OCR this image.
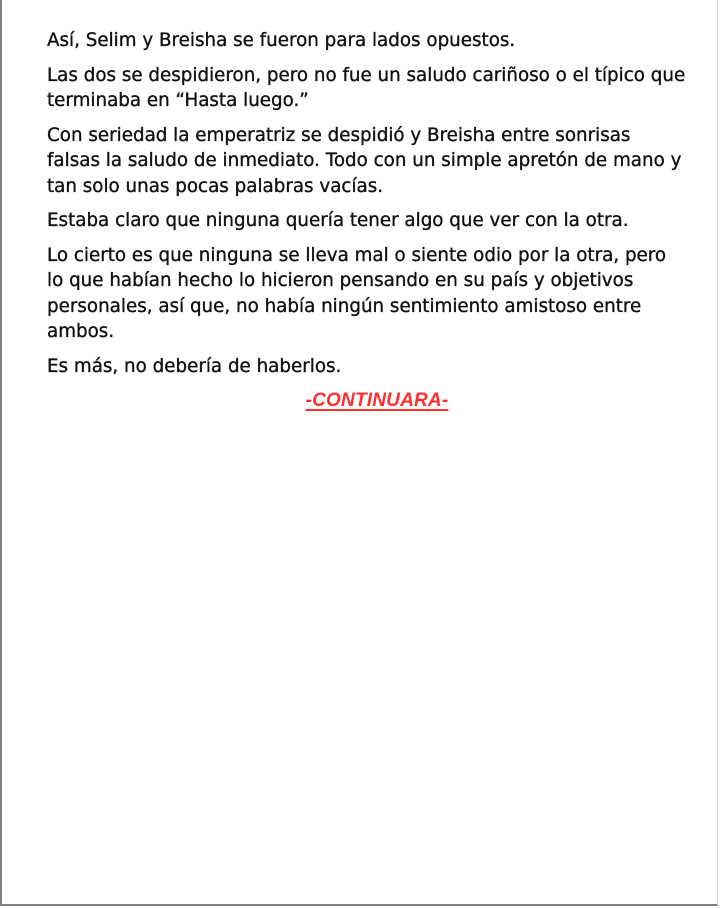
Así, Selim y Breisha se fueron para lados opuestos.

Las dos se despidieron, pero no fue un saludo cariñoso o el típico que terminaba en “Hasta luego.”

Con seriedad la emperatriz se despidió y Breisha entre sonrisas falsas la saludo de inmediato. Todo con un simple apretón de mano y tan solo unas pocas palabras vacías.

Estaba claro que ninguna quería tener algo que ver con la otra.

Lo cierto es que ninguna se lleva mal o siente odio por la otra, pero lo que habían hecho lo hicieron pensando en su país y objetivos personales, así que, no había ningún sentimiento amistoso entre ambos.

Es más, no debería de haberlos.

-CONTINUARA-
